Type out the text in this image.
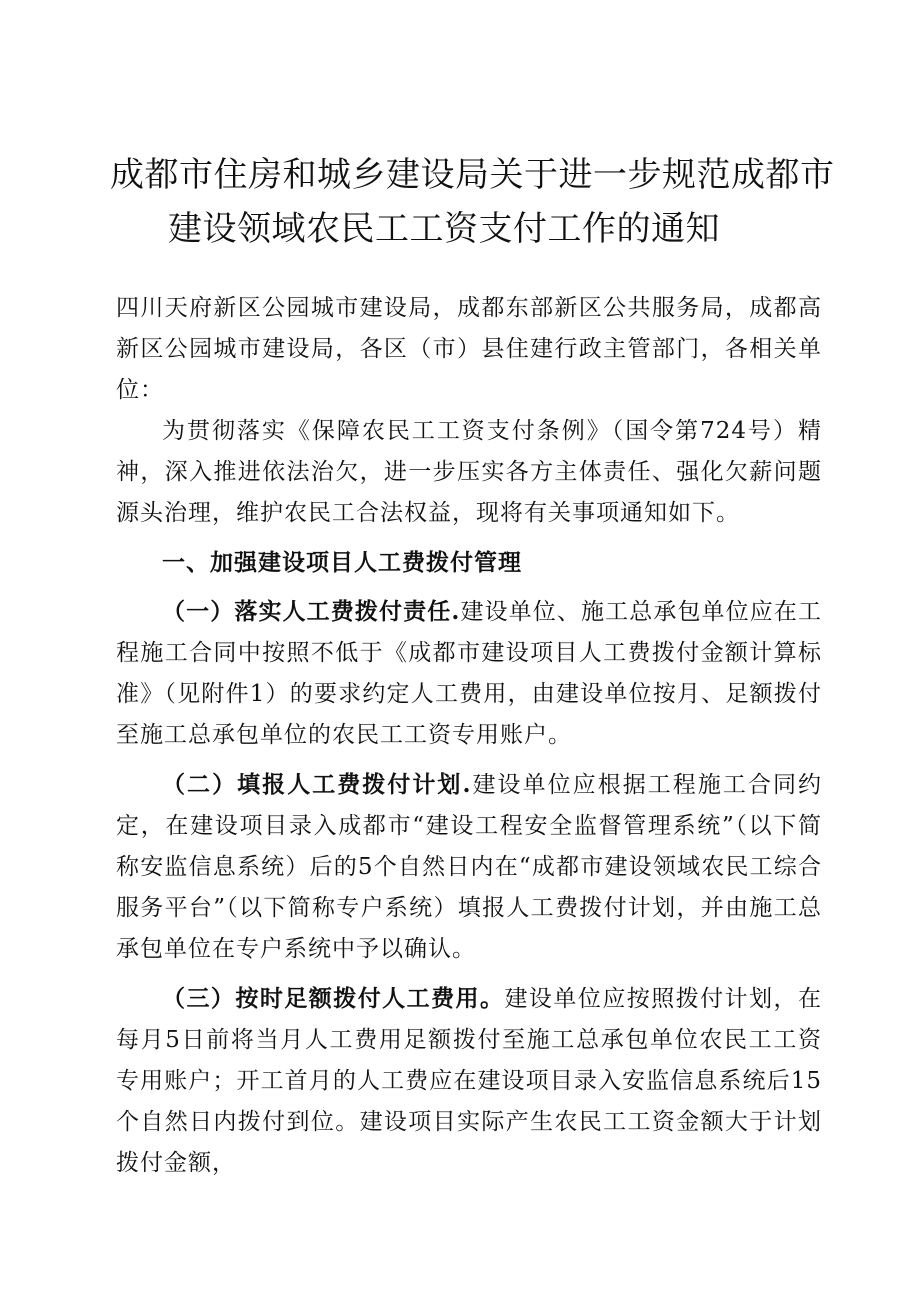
成都市住房和城乡建设局关于进一步规范成都市
建设领域农民工工资支付工作的通知

四川天府新区公园城市建设局，成都东部新区公共服务局，成都高新区公园城市建设局，各区（市）县住建行政主管部门，各相关单位：

为贯彻落实《保障农民工工资支付条例》（国令第724号）精神，深入推进依法治欠，进一步压实各方主体责任、强化欠薪问题源头治理，维护农民工合法权益，现将有关事项通知如下。

一、加强建设项目人工费拨付管理

（一）落实人工费拨付责任.建设单位、施工总承包单位应在工程施工合同中按照不低于《成都市建设项目人工费拨付金额计算标准》（见附件1）的要求约定人工费用，由建设单位按月、足额拨付至施工总承包单位的农民工工资专用账户。

（二）填报人工费拨付计划.建设单位应根据工程施工合同约定，在建设项目录入成都市“建设工程安全监督管理系统”（以下简称安监信息系统）后的5个自然日内在“成都市建设领域农民工综合服务平台”（以下简称专户系统）填报人工费拨付计划，并由施工总承包单位在专户系统中予以确认。

（三）按时足额拨付人工费用。建设单位应按照拨付计划，在每月5日前将当月人工费用足额拨付至施工总承包单位农民工工资专用账户；开工首月的人工费应在建设项目录入安监信息系统后15个自然日内拨付到位。建设项目实际产生农民工工资金额大于计划拨付金额，
